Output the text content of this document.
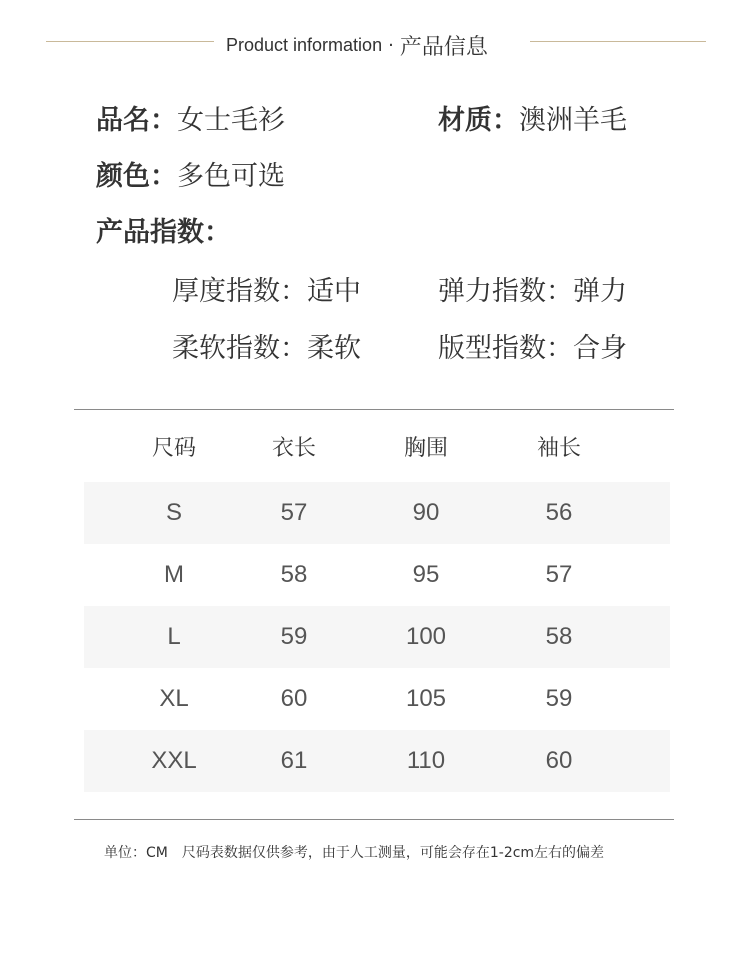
Product information · 产品信息
品名：女士毛衫	材质：澳洲羊毛
颜色：多色可选
产品指数：
厚度指数：适中	弹力指数：弹力
柔软指数：柔软	版型指数：合身
尺码	衣长	胸围	袖长
S	57	90	56
M	58	95	57
L	59	100	58
XL	60	105	59
XXL	61	110	60
单位：CM 尺码表数据仅供参考，由于人工测量，可能会存在1-2cm左右的偏差
